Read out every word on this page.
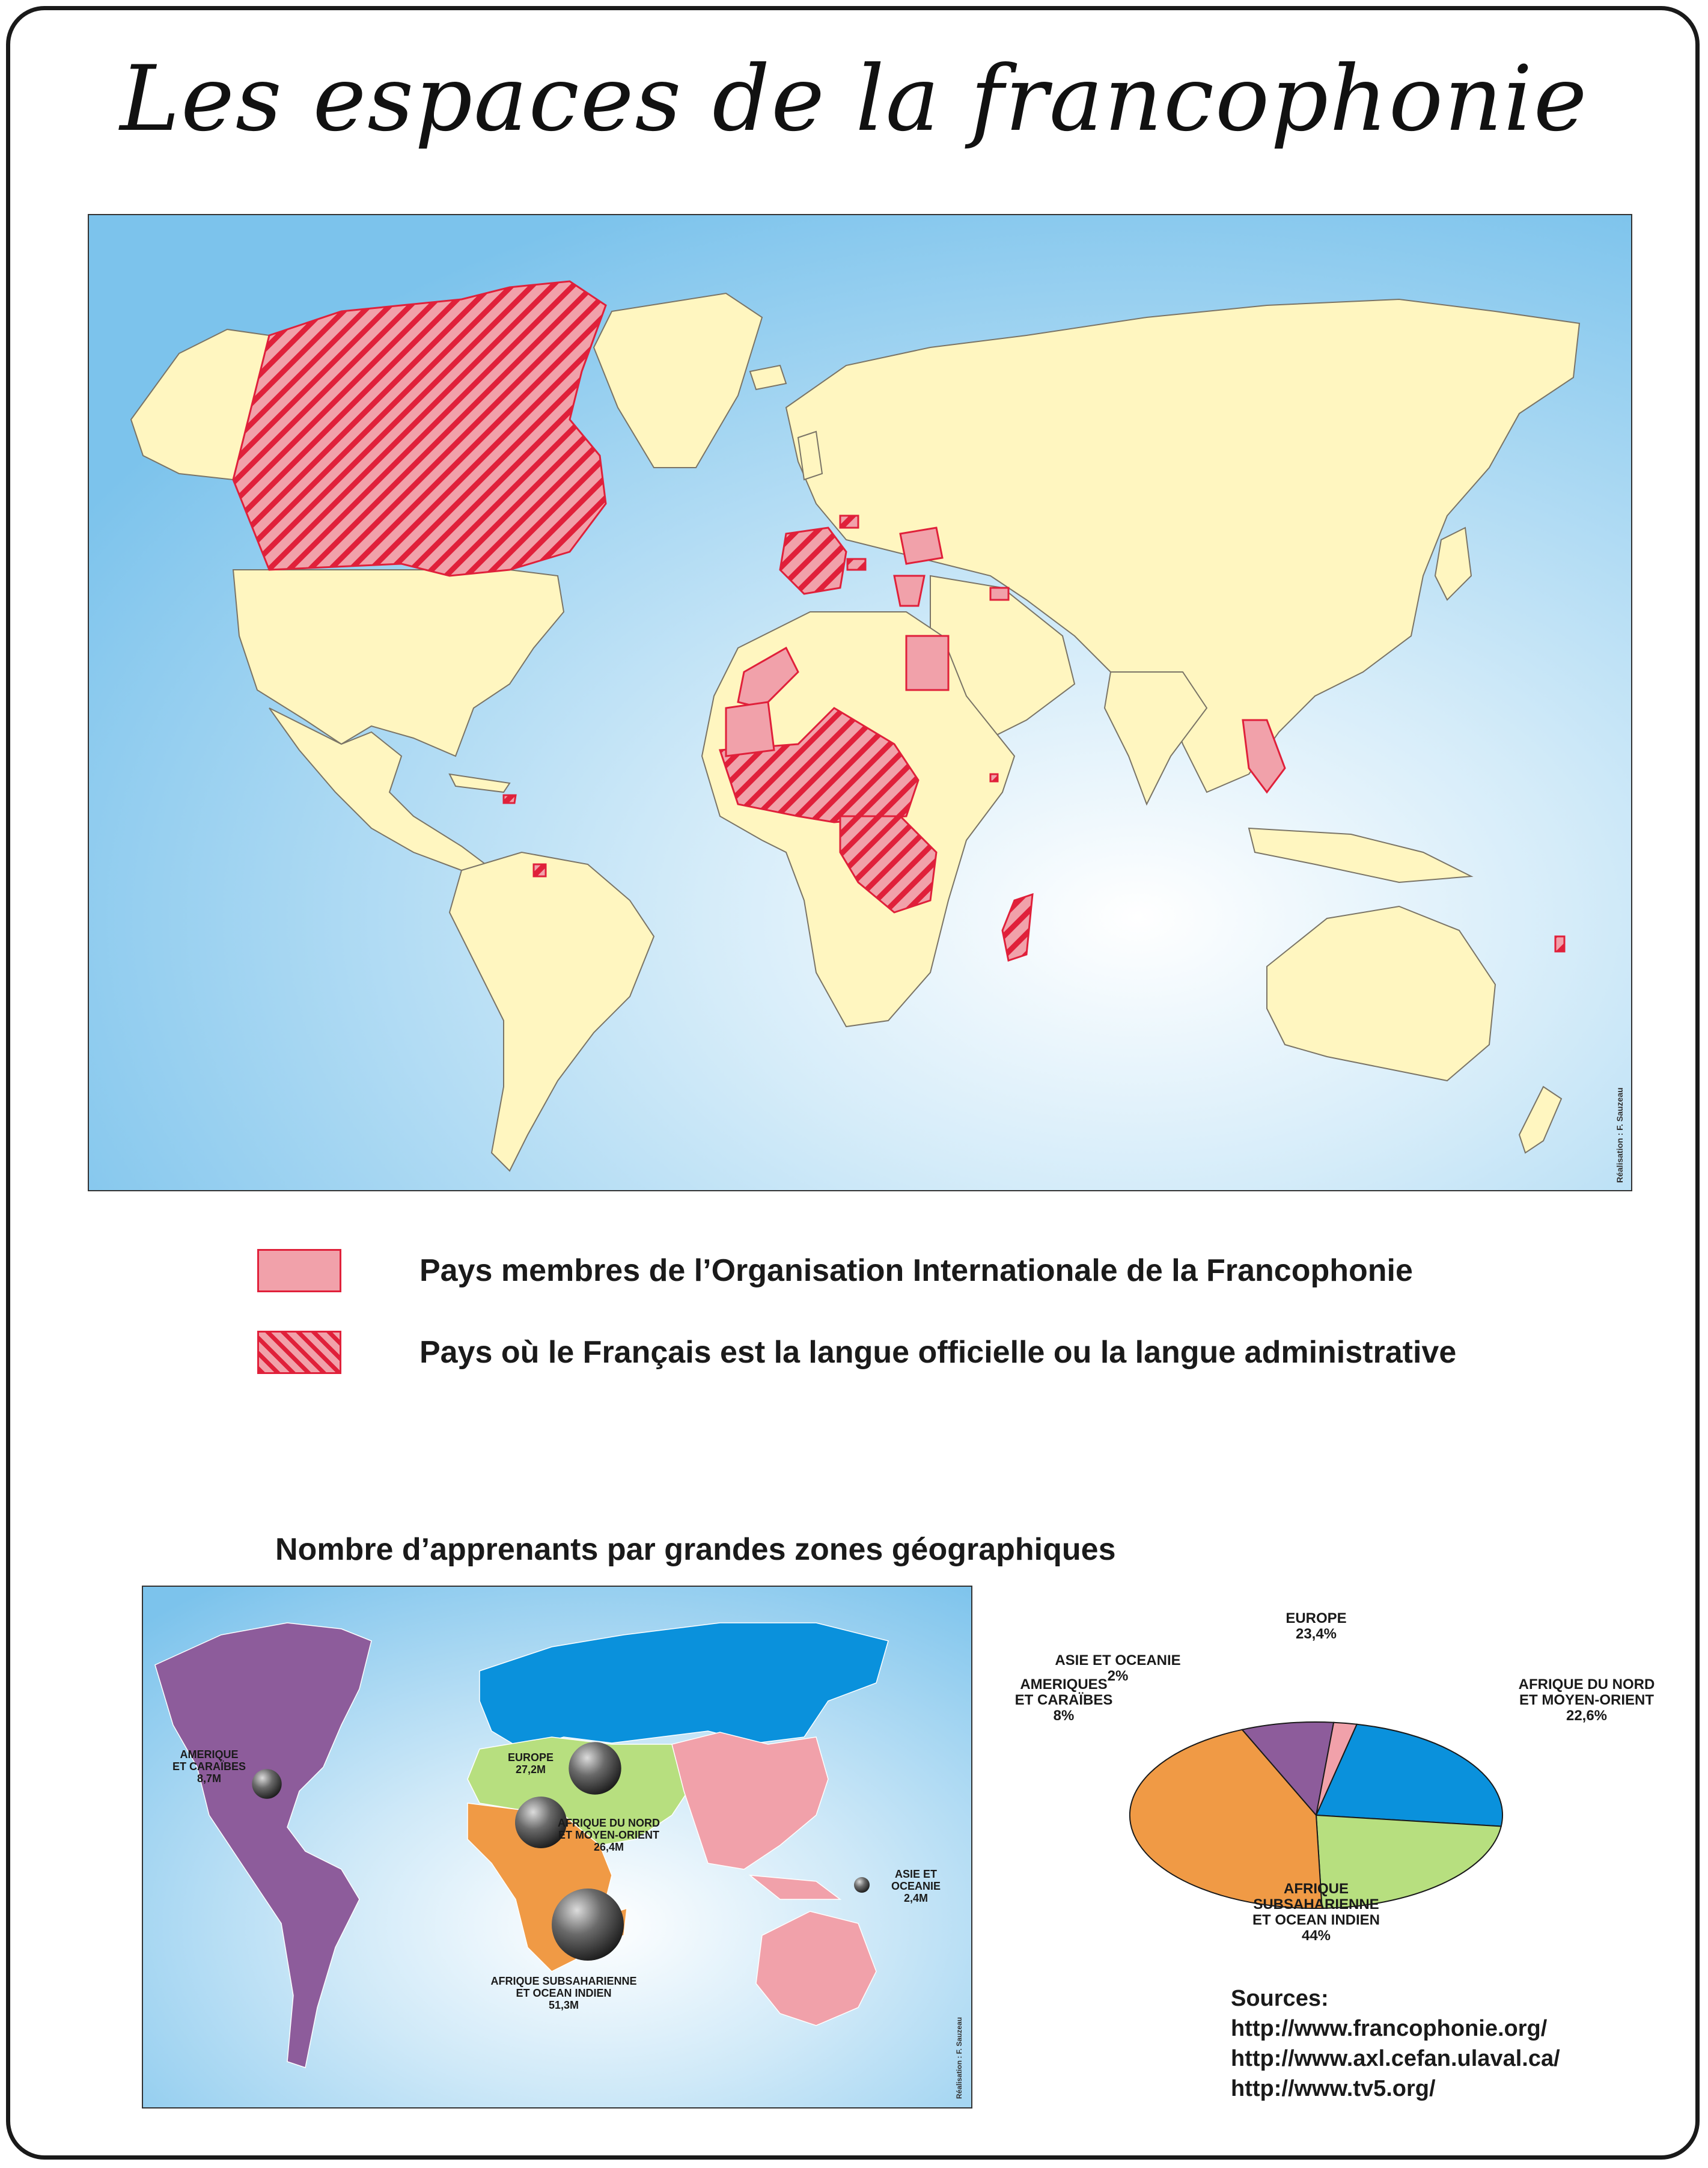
Les espaces de la francophonie
Réalisation : F. Sauzeau
Pays membres de l’Organisation Internationale de la Francophonie
Pays où le Français est la langue officielle ou la langue administrative
Nombre d’apprenants par grandes zones géographiques
AMERIQUE
ET CARAÏBES
8,7M
EUROPE
27,2M
AFRIQUE DU NORD
ET MOYEN-ORIENT
26,4M
AFRIQUE SUBSAHARIENNE
ET OCEAN INDIEN
51,3M
ASIE ET
OCEANIE
2,4M
Réalisation : F. Sauzeau
EUROPE
23,4%
AFRIQUE DU NORD
ET MOYEN-ORIENT
22,6%
AFRIQUE
SUBSAHARIENNE
ET OCEAN INDIEN
44%
AMERIQUES
ET CARAÏBES
8%
ASIE ET OCEANIE
2%
Sources:
http://www.francophonie.org/
http://www.axl.cefan.ulaval.ca/
http://www.tv5.org/
